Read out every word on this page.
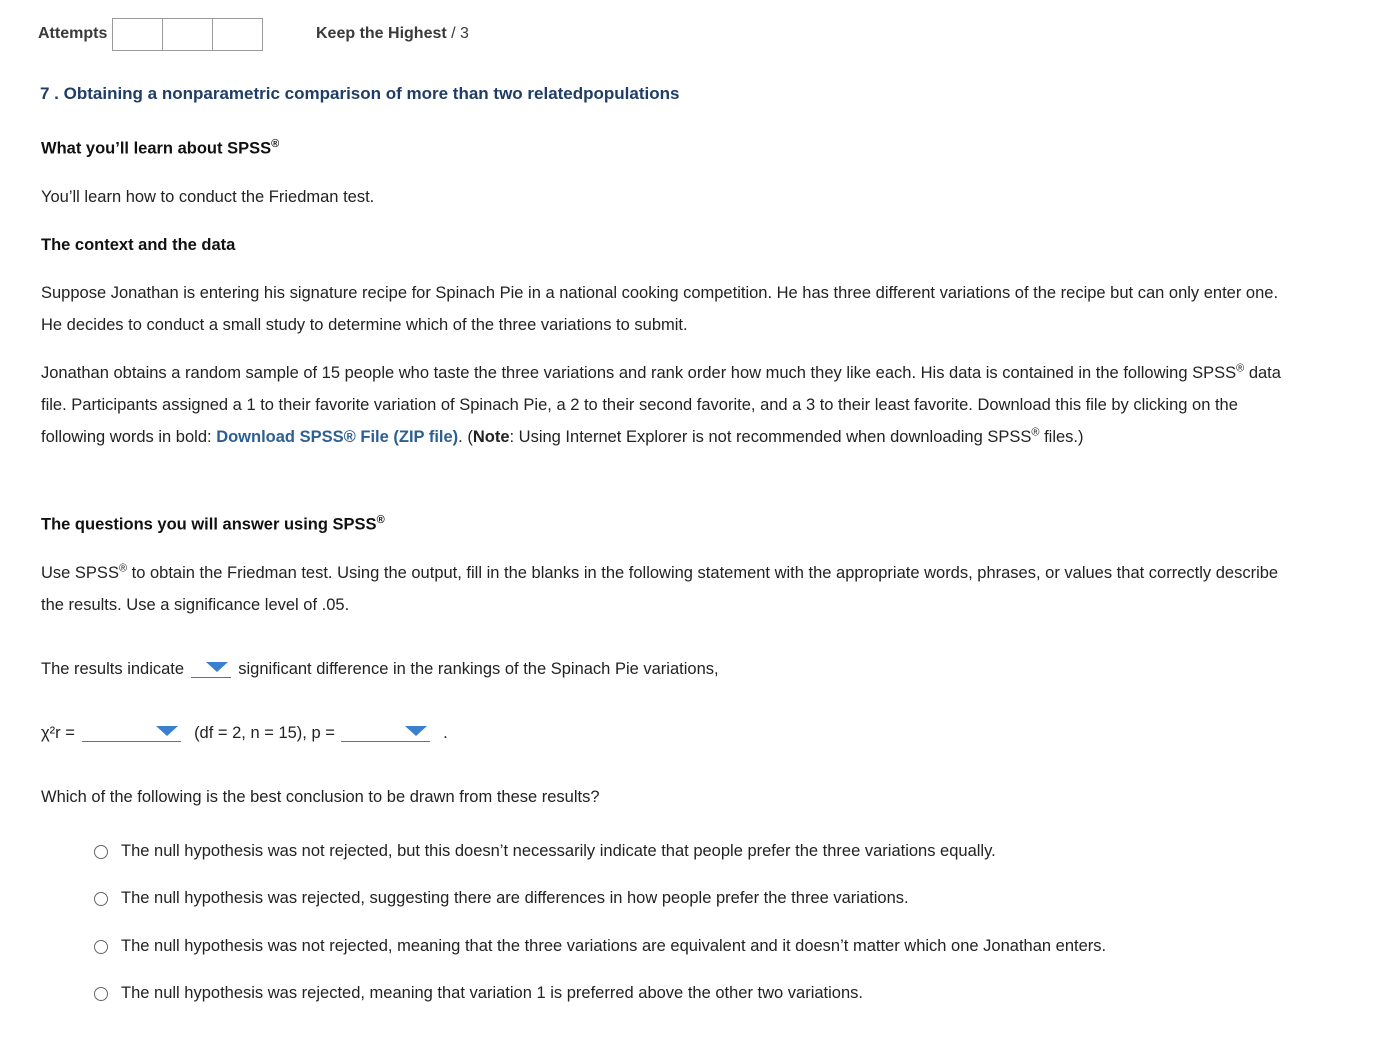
Attempts	Keep the Highest / 3
7 . Obtaining a nonparametric comparison of more than two relatedpopulations
What you’ll learn about SPSS®
You’ll learn how to conduct the Friedman test.
The context and the data
Suppose Jonathan is entering his signature recipe for Spinach Pie in a national cooking competition. He has three different variations of the recipe but can only enter one. He decides to conduct a small study to determine which of the three variations to submit.
Jonathan obtains a random sample of 15 people who taste the three variations and rank order how much they like each. His data is contained in the following SPSS® data file. Participants assigned a 1 to their favorite variation of Spinach Pie, a 2 to their second favorite, and a 3 to their least favorite. Download this file by clicking on the following words in bold: Download SPSS® File (ZIP file). (Note: Using Internet Explorer is not recommended when downloading SPSS® files.)
The questions you will answer using SPSS®
Use SPSS® to obtain the Friedman test. Using the output, fill in the blanks in the following statement with the appropriate words, phrases, or values that correctly describe the results. Use a significance level of .05.
The results indicate	significant difference in the rankings of the Spinach Pie variations,
χ²r =	(df = 2, n = 15), p =	.
Which of the following is the best conclusion to be drawn from these results?
The null hypothesis was not rejected, but this doesn’t necessarily indicate that people prefer the three variations equally.
The null hypothesis was rejected, suggesting there are differences in how people prefer the three variations.
The null hypothesis was not rejected, meaning that the three variations are equivalent and it doesn’t matter which one Jonathan enters.
The null hypothesis was rejected, meaning that variation 1 is preferred above the other two variations.
